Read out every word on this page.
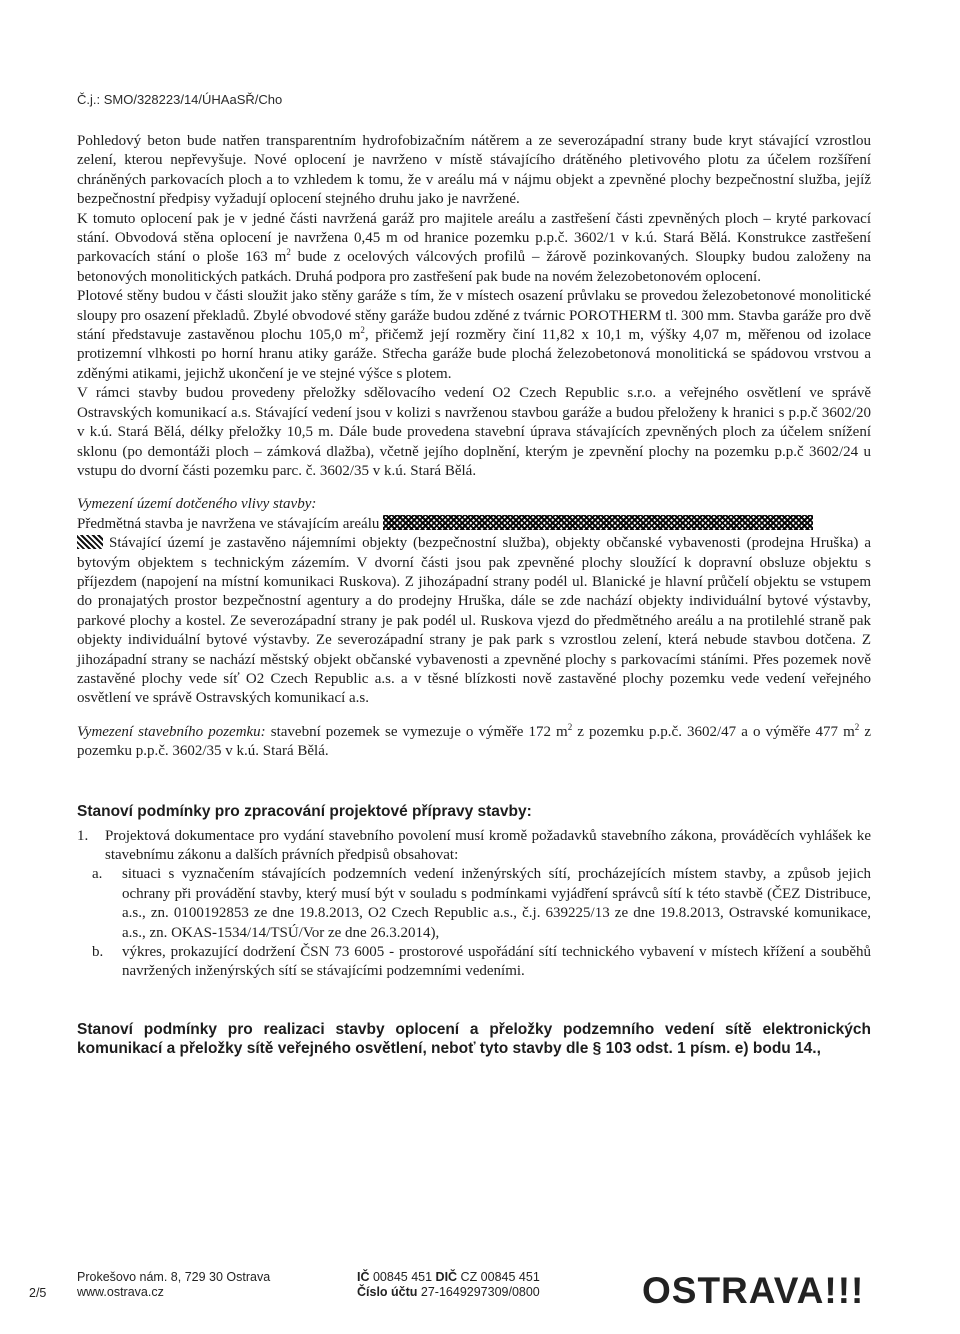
Č.j.: SMO/328223/14/ÚHAaSŘ/Cho

Pohledový beton bude natřen transparentním hydrofobizačním nátěrem a ze severozápadní strany bude kryt stávající vzrostlou zelení, kterou nepřevyšuje. Nové oplocení je navrženo v místě stávajícího drátěného pletivového plotu za účelem rozšíření chráněných parkovacích ploch a to vzhledem k tomu, že v areálu má v nájmu objekt a zpevněné plochy bezpečnostní služba, jejíž bezpečnostní předpisy vyžadují oplocení stejného druhu jako je navržené.

K tomuto oplocení pak je v jedné části navržená garáž pro majitele areálu a zastřešení části zpevněných ploch – kryté parkovací stání. Obvodová stěna oplocení je navržena 0,45 m od hranice pozemku p.p.č. 3602/1 v k.ú. Stará Bělá. Konstrukce zastřešení parkovacích stání o ploše 163 $m^2$ bude z ocelových válcových profilů – žárově pozinkovaných. Sloupky budou založeny na betonových monolitických patkách. Druhá podpora pro zastřešení pak bude na novém železobetonovém oplocení.

Plotové stěny budou v části sloužit jako stěny garáže s tím, že v místech osazení průvlaku se provedou železobetonové monolitické sloupy pro osazení překladů. Zbylé obvodové stěny garáže budou zděné z tvárnic POROTHERM tl. 300 mm. Stavba garáže pro dvě stání představuje zastavěnou plochu 105,0 $m^2$, přičemž její rozměry činí 11,82 x 10,1 m, výšky 4,07 m, měřenou od izolace protizemní vlhkosti po horní hranu atiky garáže. Střecha garáže bude plochá železobetonová monolitická se spádovou vrstvou a zděnými atikami, jejichž ukončení je ve stejné výšce s plotem.

V rámci stavby budou provedeny přeložky sdělovacího vedení O2 Czech Republic s.r.o. a veřejného osvětlení ve správě Ostravských komunikací a.s. Stávající vedení jsou v kolizi s navrženou stavbou garáže a budou přeloženy k hranici s p.p.č 3602/20 v k.ú. Stará Bělá, délky přeložky 10,5 m. Dále bude provedena stavební úprava stávajících zpevněných ploch za účelem snížení sklonu (po demontáži ploch – zámková dlažba), včetně jejího doplnění, kterým je zpevnění plochy na pozemku p.p.č 3602/24 u vstupu do dvorní části pozemku parc. č. 3602/35 v k.ú. Stará Bělá.

Vymezení území dotčeného vlivy stavby:

Předmětná stavba je navržena ve stávajícím areálu
Stávající území je zastavěno nájemními objekty (bezpečnostní služba), objekty občanské vybavenosti (prodejna Hruška) a bytovým objektem s technickým zázemím. V dvorní části jsou pak zpevněné plochy sloužící k dopravní obsluze objektu s příjezdem (napojení na místní komunikaci Ruskova). Z jihozápadní strany podél ul. Blanické je hlavní průčelí objektu se vstupem do pronajatých prostor bezpečnostní agentury a do prodejny Hruška, dále se zde nachází objekty individuální bytové výstavby, parkové plochy a kostel. Ze severozápadní strany je pak podél ul. Ruskova vjezd do předmětného areálu a na protilehlé straně pak objekty individuální bytové výstavby. Ze severozápadní strany je pak park s vzrostlou zelení, která nebude stavbou dotčena. Z jihozápadní strany se nachází městský objekt občanské vybavenosti a zpevněné plochy s parkovacími stáními. Přes pozemek nově zastavěné plochy vede síť O2 Czech Republic a.s. a v těsné blízkosti nově zastavěné plochy pozemku vede vedení veřejného osvětlení ve správě Ostravských komunikací a.s.

Vymezení stavebního pozemku: stavební pozemek se vymezuje o výměře 172 $m^2$ z pozemku p.p.č. 3602/47 a o výměře 477 $m^2$ z pozemku p.p.č. 3602/35 v k.ú. Stará Bělá.

Stanoví podmínky pro zpracování projektové přípravy stavby:

1.	Projektová dokumentace pro vydání stavebního povolení musí kromě požadavků stavebního zákona, prováděcích vyhlášek ke stavebnímu zákonu a dalších právních předpisů obsahovat:
a.	situaci s vyznačením stávajících podzemních vedení inženýrských sítí, procházejících místem stavby, a způsob jejich ochrany při provádění stavby, který musí být v souladu s podmínkami vyjádření správců sítí k této stavbě (ČEZ Distribuce, a.s., zn. 0100192853 ze dne 19.8.2013, O2 Czech Republic a.s., č.j. 639225/13 ze dne 19.8.2013, Ostravské komunikace, a.s., zn. OKAS-1534/14/TSÚ/Vor ze dne 26.3.2014),
b.	výkres, prokazující dodržení ČSN 73 6005 - prostorové uspořádání sítí technického vybavení v místech křížení a souběhů navržených inženýrských sítí se stávajícími podzemními vedeními.

Stanoví podmínky pro realizaci stavby oplocení a přeložky podzemního vedení sítě elektronických komunikací a přeložky sítě veřejného osvětlení, neboť tyto stavby dle § 103 odst. 1 písm. e) bodu 14.,

2/5
Prokešovo nám. 8, 729 30 Ostrava
www.ostrava.cz
IČ 00845 451 DIČ CZ 00845 451
Číslo účtu 27-1649297309/0800	OSTRAVA!!!
